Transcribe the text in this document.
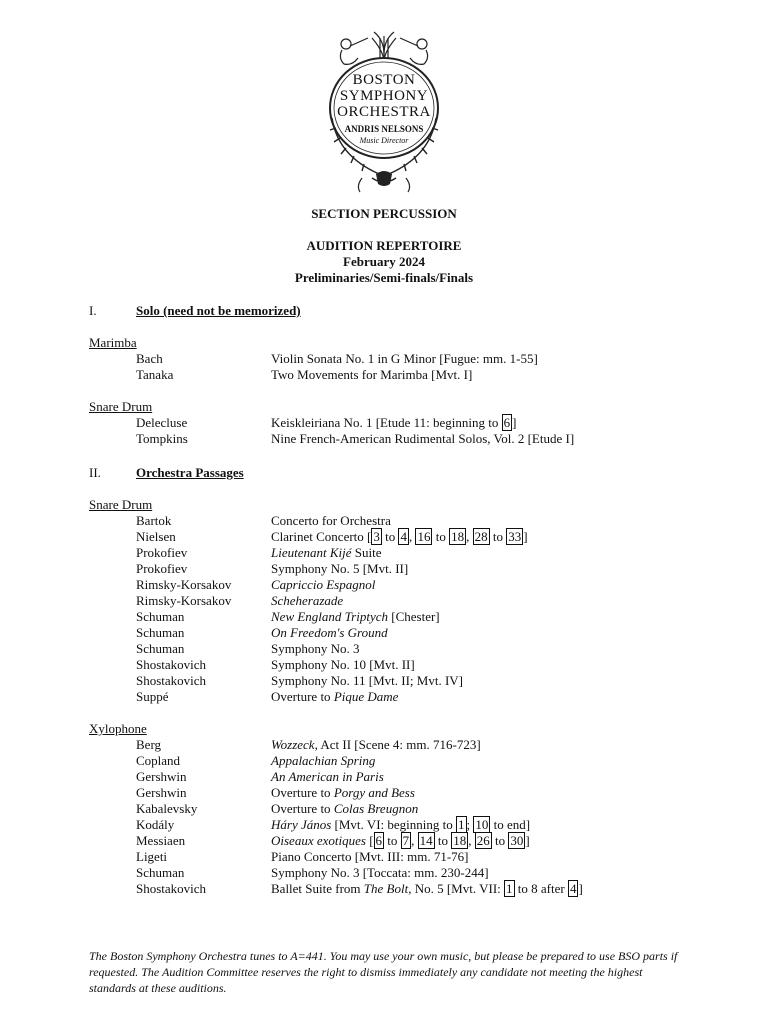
BOSTON
SYMPHONY
ORCHESTRA
ANDRIS NELSONS
Music Director
SECTION PERCUSSION
AUDITION REPERTOIRE
February 2024
Preliminaries/Semi-finals/Finals
I.	Solo (need not be memorized)
Marimba
Bach	Violin Sonata No. 1 in G Minor [Fugue: mm. 1-55]
Tanaka	Two Movements for Marimba [Mvt. I]
Snare Drum
Delecluse	Keiskleiriana No. 1 [Etude 11: beginning to 6 ]
Tompkins	Nine French-American Rudimental Solos, Vol. 2 [Etude I]
II.	Orchestra Passages
Snare Drum
Bartok	Concerto for Orchestra
Nielsen	Clarinet Concerto [ 3 to 4 , 16 to 18 , 28 to 33 ]
Prokofiev	Lieutenant Kijé Suite
Prokofiev	Symphony No. 5 [Mvt. II]
Rimsky-Korsakov	Capriccio Espagnol
Rimsky-Korsakov	Scheherazade
Schuman	New England Triptych [Chester]
Schuman	On Freedom's Ground
Schuman	Symphony No. 3
Shostakovich	Symphony No. 10 [Mvt. II]
Shostakovich	Symphony No. 11 [Mvt. II; Mvt. IV]
Suppé	Overture to Pique Dame
Xylophone
Berg	Wozzeck, Act II [Scene 4: mm. 716-723]
Copland	Appalachian Spring
Gershwin	An American in Paris
Gershwin	Overture to Porgy and Bess
Kabalevsky	Overture to Colas Breugnon
Kodály	Háry János [Mvt. VI: beginning to 1 ; 10 to end]
Messiaen	Oiseaux exotiques [ 6 to 7 , 14 to 18 , 26 to 30 ]
Ligeti	Piano Concerto [Mvt. III: mm. 71-76]
Schuman	Symphony No. 3 [Toccata: mm. 230-244]
Shostakovich	Ballet Suite from The Bolt, No. 5 [Mvt. VII: 1 to 8 after 4 ]
The Boston Symphony Orchestra tunes to A=441. You may use your own music, but please be prepared to use BSO parts if requested. The Audition Committee reserves the right to dismiss immediately any candidate not meeting the highest standards at these auditions.
